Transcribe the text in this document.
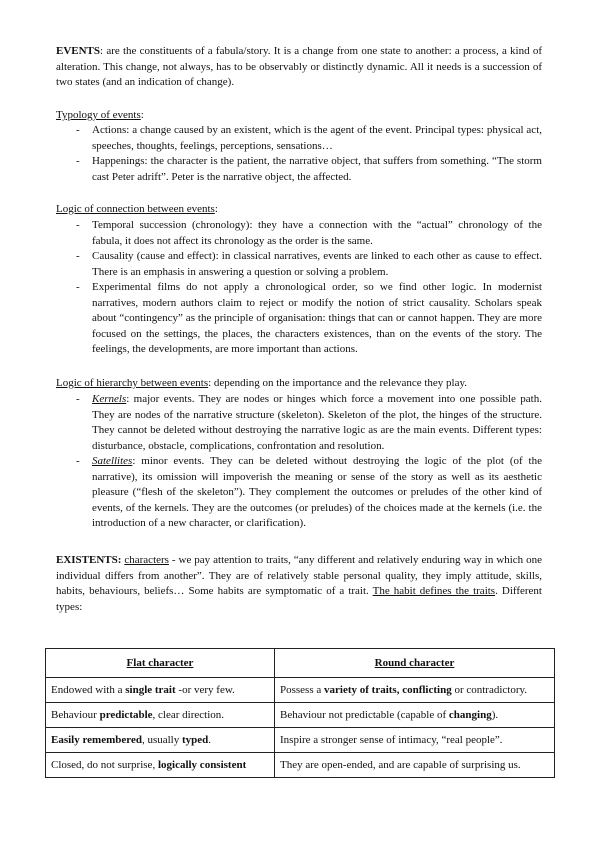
EVENTS: are the constituents of a fabula/story. It is a change from one state to another: a process, a kind of alteration. This change, not always, has to be observably or distinctly dynamic. All it needs is a succession of two states (and an indication of change).

Typology of events:

- Actions: a change caused by an existent, which is the agent of the event. Principal types: physical act, speeches, thoughts, feelings, perceptions, sensations…
- Happenings: the character is the patient, the narrative object, that suffers from something. “The storm cast Peter adrift”. Peter is the narrative object, the affected.

Logic of connection between events:

- Temporal succession (chronology): they have a connection with the “actual” chronology of the fabula, it does not affect its chronology as the order is the same.
- Causality (cause and effect): in classical narratives, events are linked to each other as cause to effect. There is an emphasis in answering a question or solving a problem.
- Experimental films do not apply a chronological order, so we find other logic. In modernist narratives, modern authors claim to reject or modify the notion of strict causality. Scholars speak about “contingency” as the principle of organisation: things that can or cannot happen. They are more focused on the settings, the places, the characters existences, than on the events of the story. The feelings, the developments, are more important than actions.

Logic of hierarchy between events: depending on the importance and the relevance they play.

- Kernels: major events. They are nodes or hinges which force a movement into one possible path. They are nodes of the narrative structure (skeleton). Skeleton of the plot, the hinges of the structure. They cannot be deleted without destroying the narrative logic as are the main events. Different types: disturbance, obstacle, complications, confrontation and resolution.
- Satellites: minor events. They can be deleted without destroying the logic of the plot (of the narrative), its omission will impoverish the meaning or sense of the story as well as its aesthetic pleasure (“flesh of the skeleton”). They complement the outcomes or preludes of the other kind of events, of the kernels. They are the outcomes (or preludes) of the choices made at the kernels (i.e. the introduction of a new character, or clarification).

EXISTENTS: characters - we pay attention to traits, “any different and relatively enduring way in which one individual differs from another”. They are of relatively stable personal quality, they imply attitude, skills, habits, behaviours, beliefs… Some habits are symptomatic of a trait. The habit defines the traits. Different types:

Flat character	Round character
Endowed with a single trait -or very few.	Possess a variety of traits, conflicting or contradictory.
Behaviour predictable, clear direction.	Behaviour not predictable (capable of changing).
Easily remembered, usually typed.	Inspire a stronger sense of intimacy, “real people”.
Closed, do not surprise, logically consistent	They are open-ended, and are capable of surprising us.
